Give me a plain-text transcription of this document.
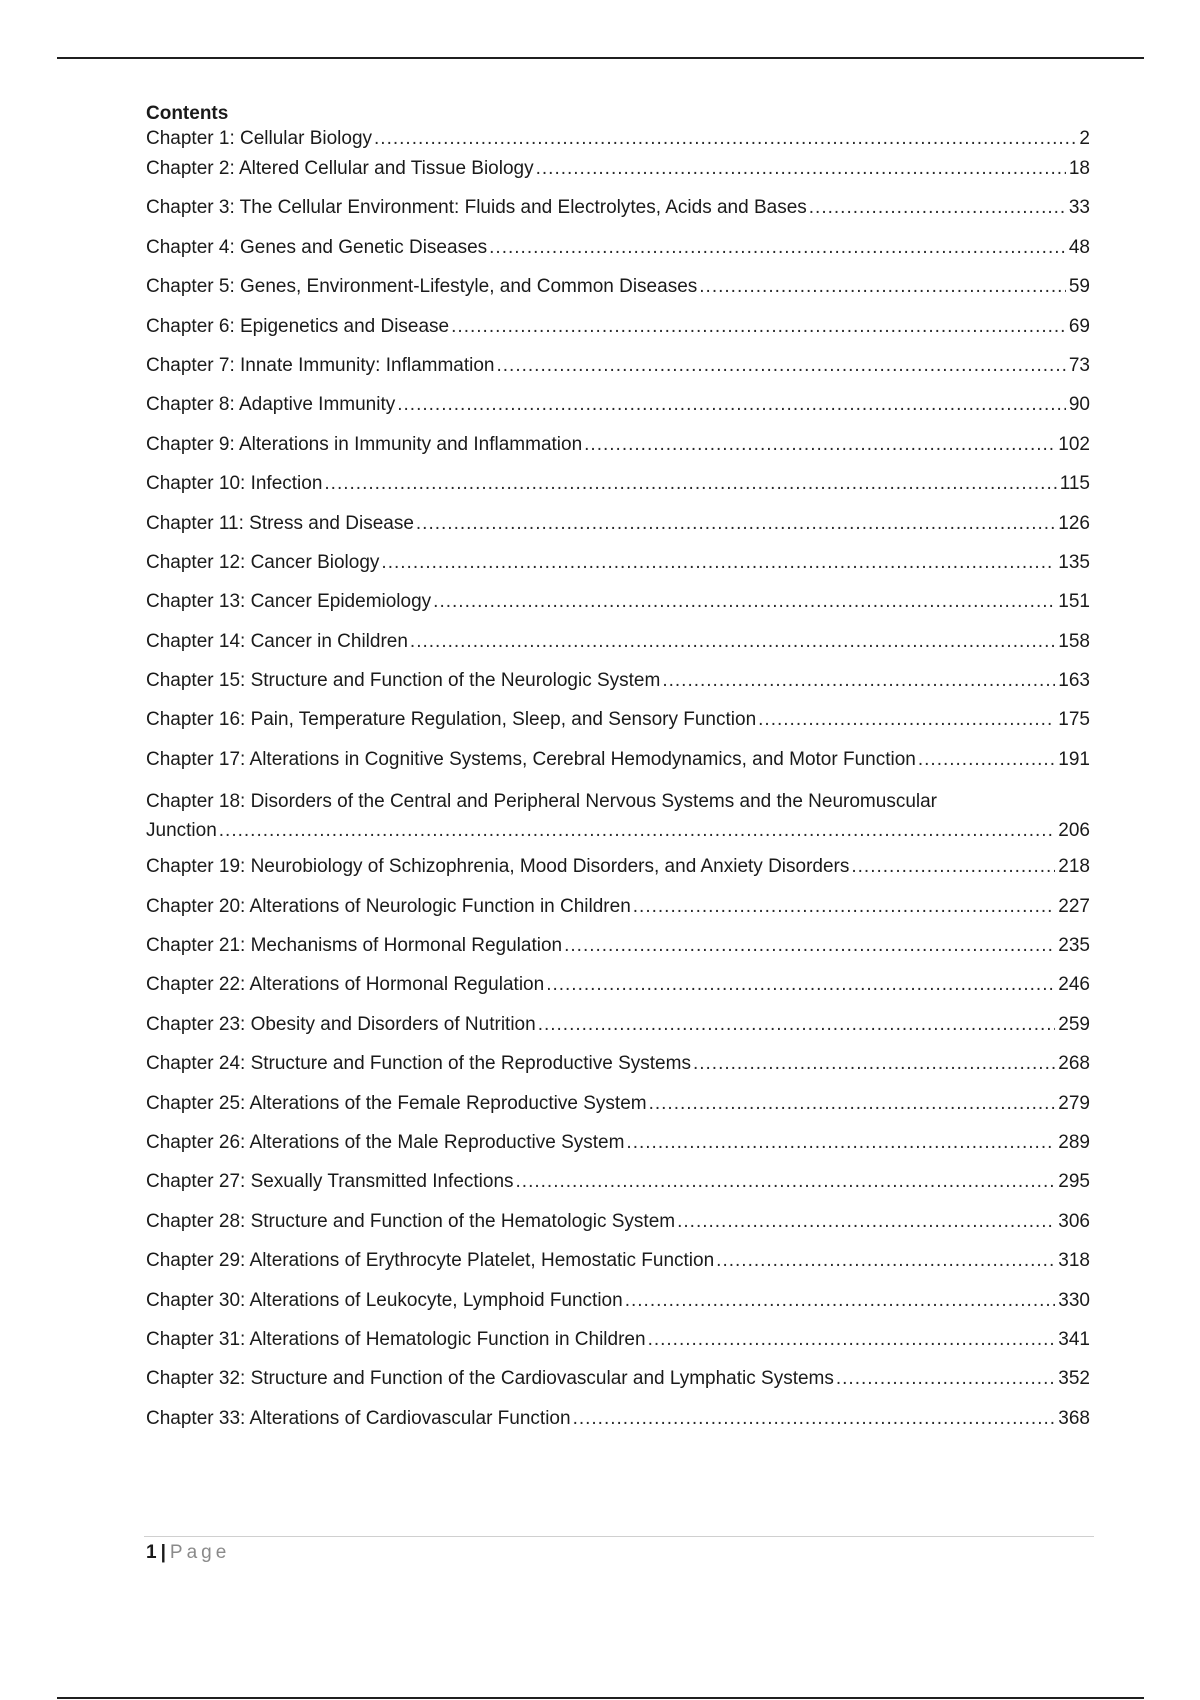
Contents
Chapter 1: Cellular Biology .....	2
Chapter 2: Altered Cellular and Tissue Biology .....	18
Chapter 3: The Cellular Environment: Fluids and Electrolytes, Acids and Bases .....	33
Chapter 4: Genes and Genetic Diseases .....	48
Chapter 5: Genes, Environment-Lifestyle, and Common Diseases .....	59
Chapter 6: Epigenetics and Disease .....	69
Chapter 7: Innate Immunity: Inflammation .....	73
Chapter 8: Adaptive Immunity .....	90
Chapter 9: Alterations in Immunity and Inflammation .....	102
Chapter 10: Infection .....	115
Chapter 11: Stress and Disease .....	126
Chapter 12: Cancer Biology .....	135
Chapter 13: Cancer Epidemiology .....	151
Chapter 14: Cancer in Children .....	158
Chapter 15: Structure and Function of the Neurologic System .....	163
Chapter 16: Pain, Temperature Regulation, Sleep, and Sensory Function .....	175
Chapter 17: Alterations in Cognitive Systems, Cerebral Hemodynamics, and Motor Function .....	191
Chapter 18: Disorders of the Central and Peripheral Nervous Systems and the Neuromuscular
Junction .....	206
Chapter 19: Neurobiology of Schizophrenia, Mood Disorders, and Anxiety Disorders .....	218
Chapter 20: Alterations of Neurologic Function in Children .....	227
Chapter 21: Mechanisms of Hormonal Regulation .....	235
Chapter 22: Alterations of Hormonal Regulation .....	246
Chapter 23: Obesity and Disorders of Nutrition .....	259
Chapter 24: Structure and Function of the Reproductive Systems .....	268
Chapter 25: Alterations of the Female Reproductive System .....	279
Chapter 26: Alterations of the Male Reproductive System .....	289
Chapter 27: Sexually Transmitted Infections .....	295
Chapter 28: Structure and Function of the Hematologic System .....	306
Chapter 29: Alterations of Erythrocyte Platelet, Hemostatic Function .....	318
Chapter 30: Alterations of Leukocyte, Lymphoid Function .....	330
Chapter 31: Alterations of Hematologic Function in Children .....	341
Chapter 32: Structure and Function of the Cardiovascular and Lymphatic Systems .....	352
Chapter 33: Alterations of Cardiovascular Function .....	368
1 | Page
